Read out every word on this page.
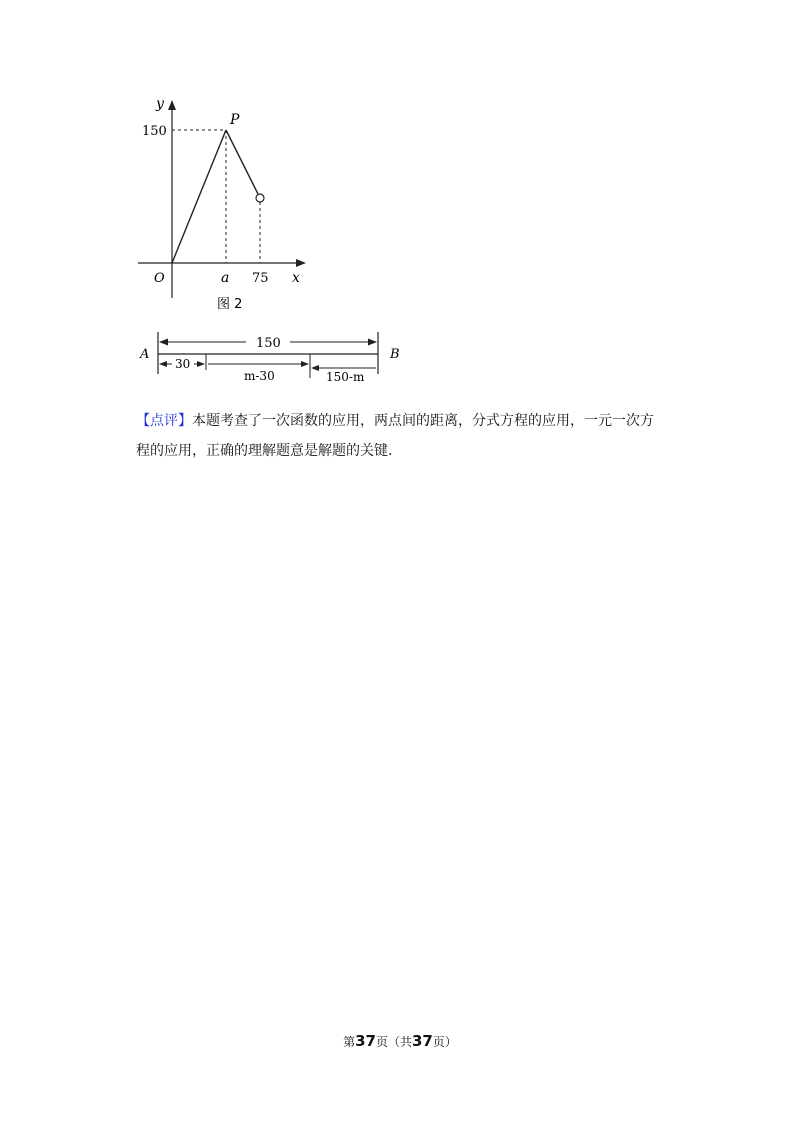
y
x
O
P
150
a 75
图 2
150
30
m-30	150-m
A	B
【点评】本题考查了一次函数的应用，两点间的距离，分式方程的应用，一元一次方程的应用，正确的理解题意是解题的关键.
第37页（共37页）
